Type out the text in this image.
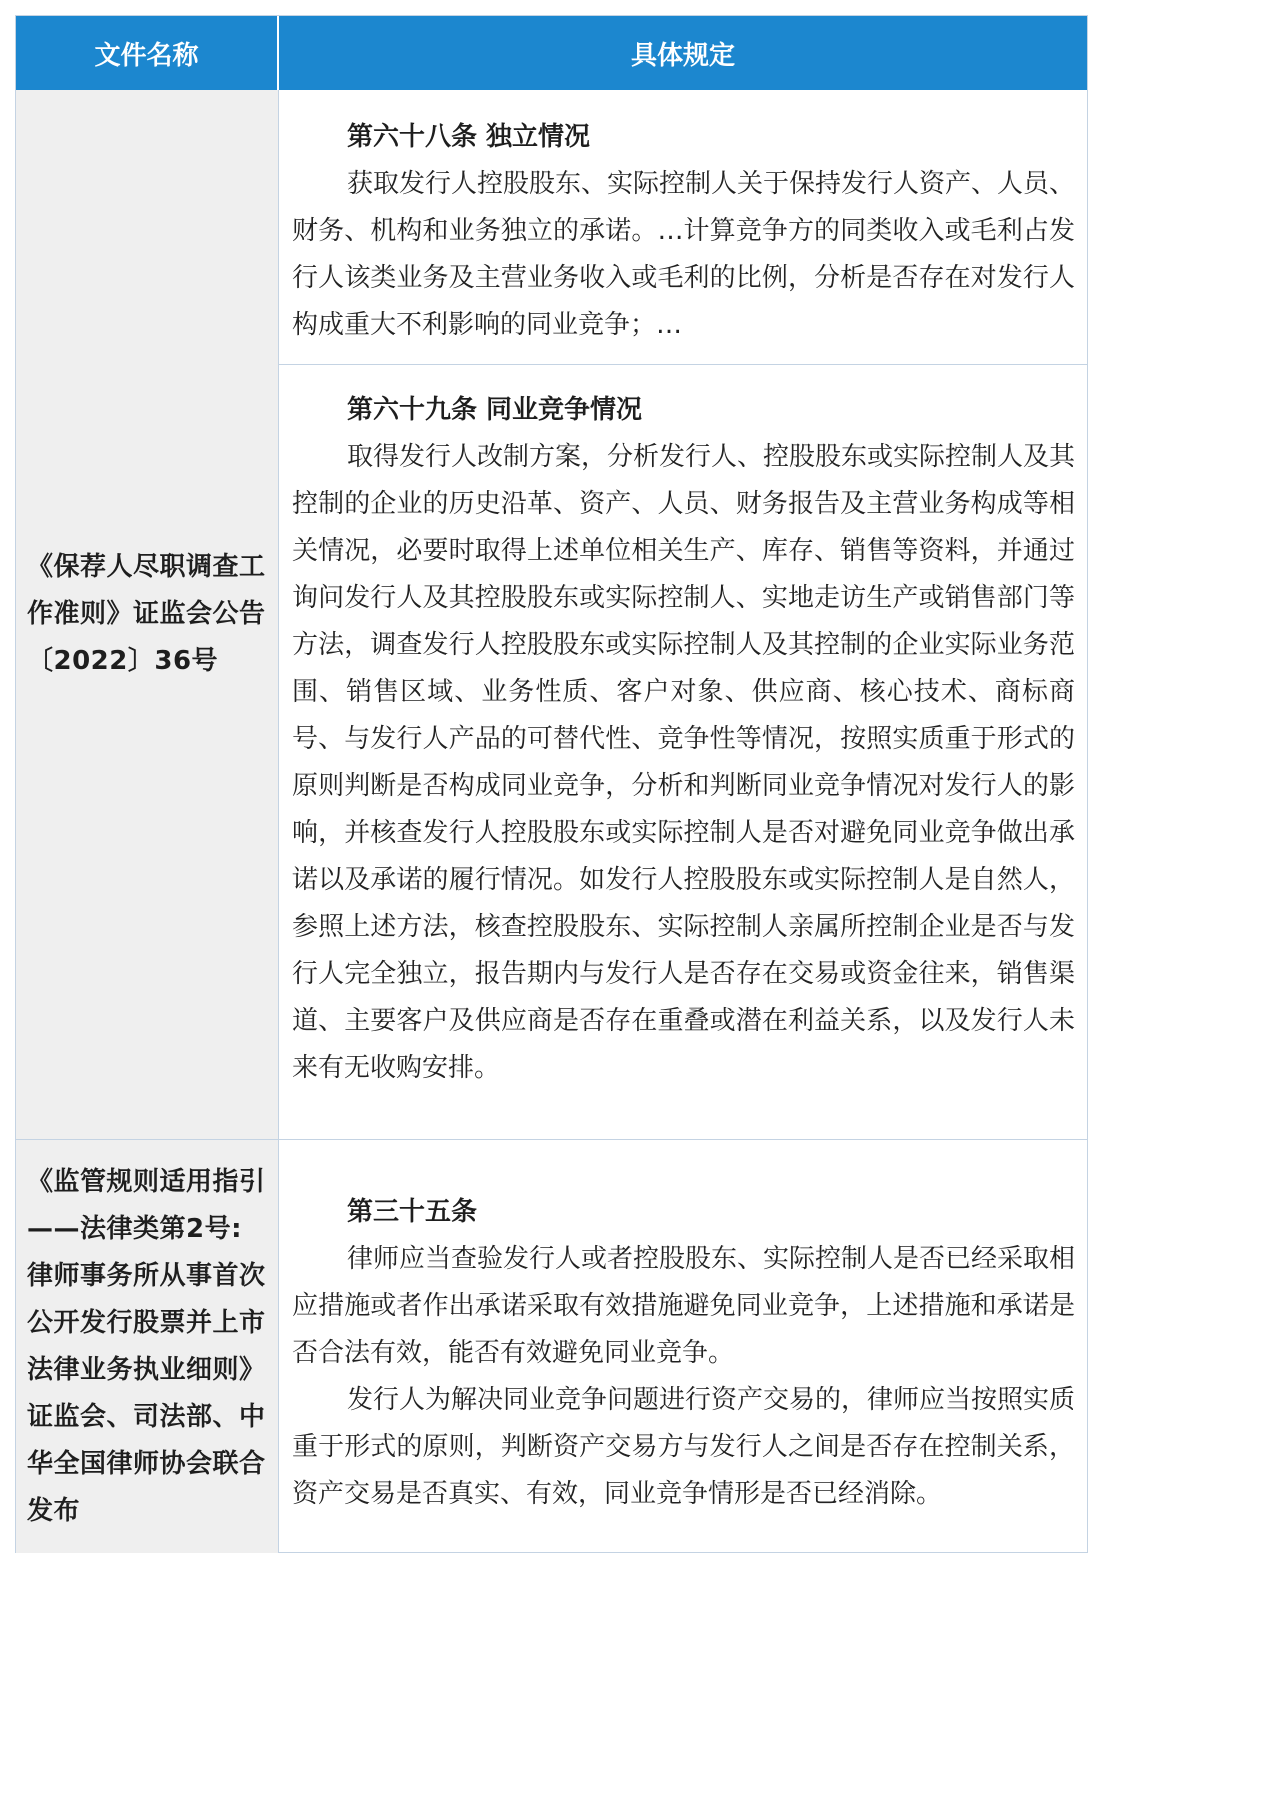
文件名称	具体规定
《保荐人尽职调查工作准则》证监会公告〔2022〕36号
第六十八条 独立情况

获取发行人控股股东、实际控制人关于保持发行人资产、人员、财务、机构和业务独立的承诺。…计算竞争方的同类收入或毛利占发行人该类业务及主营业务收入或毛利的比例，分析是否存在对发行人构成重大不利影响的同业竞争；…

第六十九条 同业竞争情况

取得发行人改制方案，分析发行人、控股股东或实际控制人及其控制的企业的历史沿革、资产、人员、财务报告及主营业务构成等相关情况，必要时取得上述单位相关生产、库存、销售等资料，并通过询问发行人及其控股股东或实际控制人、实地走访生产或销售部门等方法，调查发行人控股股东或实际控制人及其控制的企业实际业务范围、销售区域、业务性质、客户对象、供应商、核心技术、商标商号、与发行人产品的可替代性、竞争性等情况，按照实质重于形式的原则判断是否构成同业竞争，分析和判断同业竞争情况对发行人的影响，并核查发行人控股股东或实际控制人是否对避免同业竞争做出承诺以及承诺的履行情况。如发行人控股股东或实际控制人是自然人，参照上述方法，核查控股股东、实际控制人亲属所控制企业是否与发行人完全独立，报告期内与发行人是否存在交易或资金往来，销售渠道、主要客户及供应商是否存在重叠或潜在利益关系，以及发行人未来有无收购安排。

《监管规则适用指引——法律类第2号:律师事务所从事首次公开发行股票并上市法律业务执业细则》证监会、司法部、中华全国律师协会联合发布
第三十五条

律师应当查验发行人或者控股股东、实际控制人是否已经采取相应措施或者作出承诺采取有效措施避免同业竞争，上述措施和承诺是否合法有效，能否有效避免同业竞争。

发行人为解决同业竞争问题进行资产交易的，律师应当按照实质重于形式的原则，判断资产交易方与发行人之间是否存在控制关系，资产交易是否真实、有效，同业竞争情形是否已经消除。
